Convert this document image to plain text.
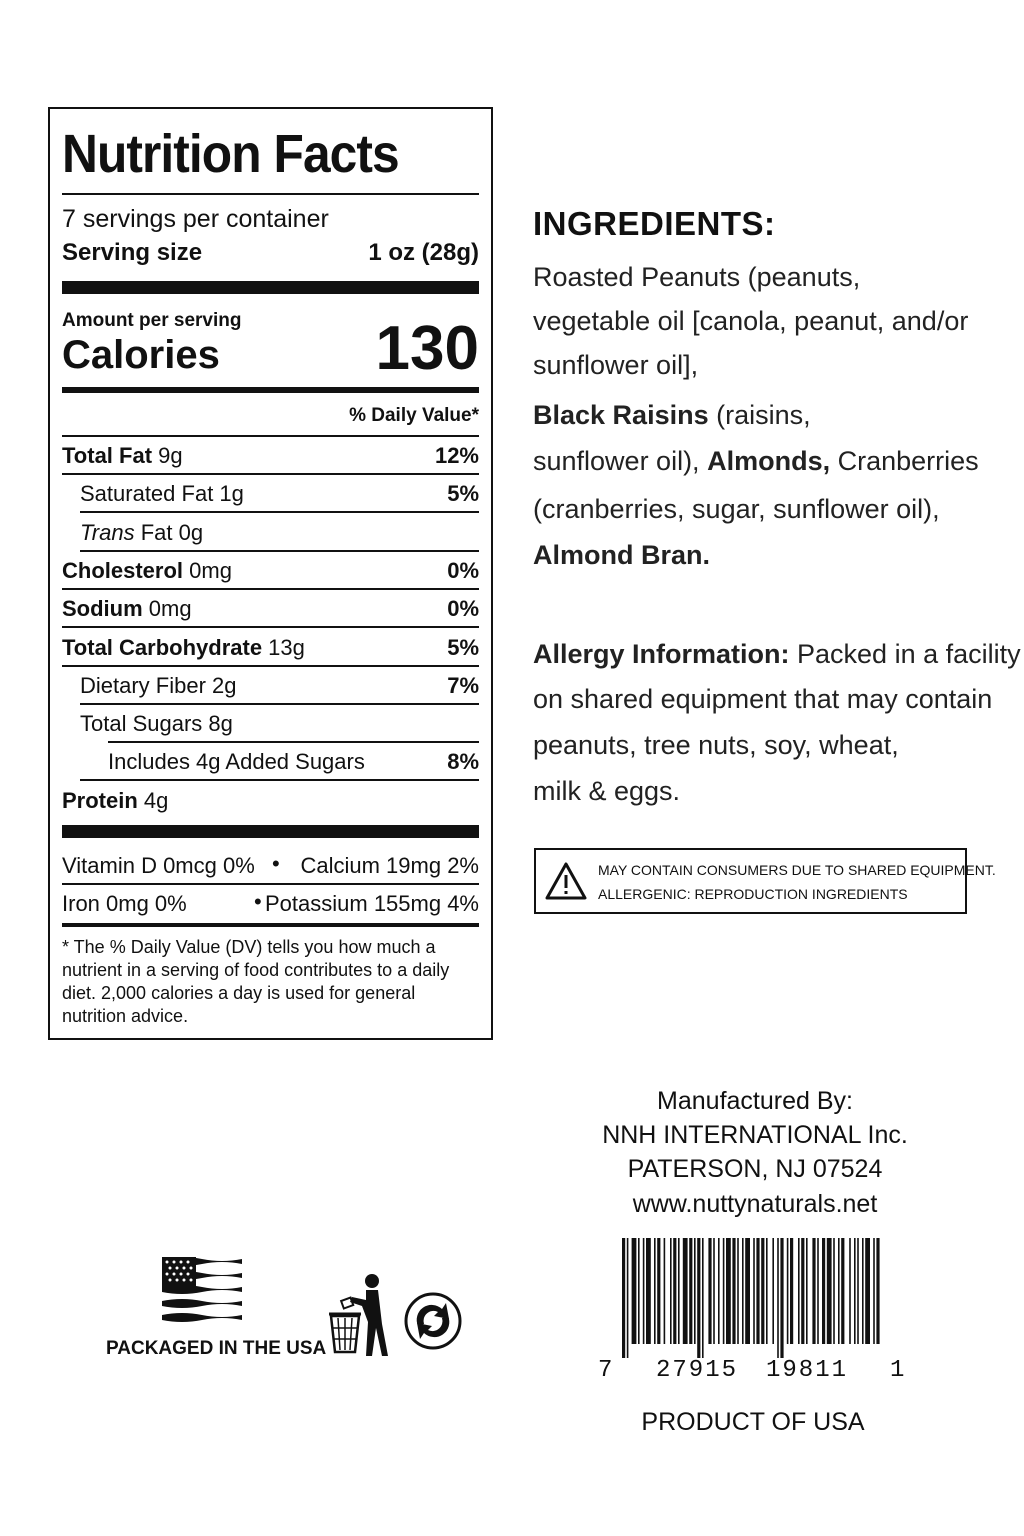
Nutrition Facts
7 servings per container
Serving size	1 oz (28g)
Amount per serving
Calories	130
% Daily Value*
Total Fat 9g	12%
Saturated Fat 1g	5%
Trans Fat 0g
Cholesterol 0mg	0%
Sodium 0mg	0%
Total Carbohydrate 13g	5%
Dietary Fiber 2g	7%
Total Sugars 8g
Includes 4g Added Sugars	8%
Protein 4g
Vitamin D 0mcg 0% • Calcium 19mg 2%
Iron 0mg 0%	• Potassium 155mg 4%
* The % Daily Value (DV) tells you how much a
nutrient in a serving of food contributes to a daily
diet. 2,000 calories a day is used for general
nutrition advice.
INGREDIENTS:
Roasted Peanuts (peanuts,
vegetable oil [canola, peanut, and/or
sunflower oil],
Black Raisins (raisins,
sunflower oil), Almonds, Cranberries
(cranberries, sugar, sunflower oil),
Almond Bran.
Allergy Information: Packed in a facility
on shared equipment that may contain
peanuts, tree nuts, soy, wheat,
milk & eggs.
MAY CONTAIN CONSUMERS DUE TO SHARED EQUIPMENT.
ALLERGENIC: REPRODUCTION INGREDIENTS
Manufactured By:
NNH INTERNATIONAL Inc.
PATERSON, NJ 07524
www.nuttynaturals.net
7 27915 19811 1
PRODUCT OF USA
PACKAGED IN THE USA
